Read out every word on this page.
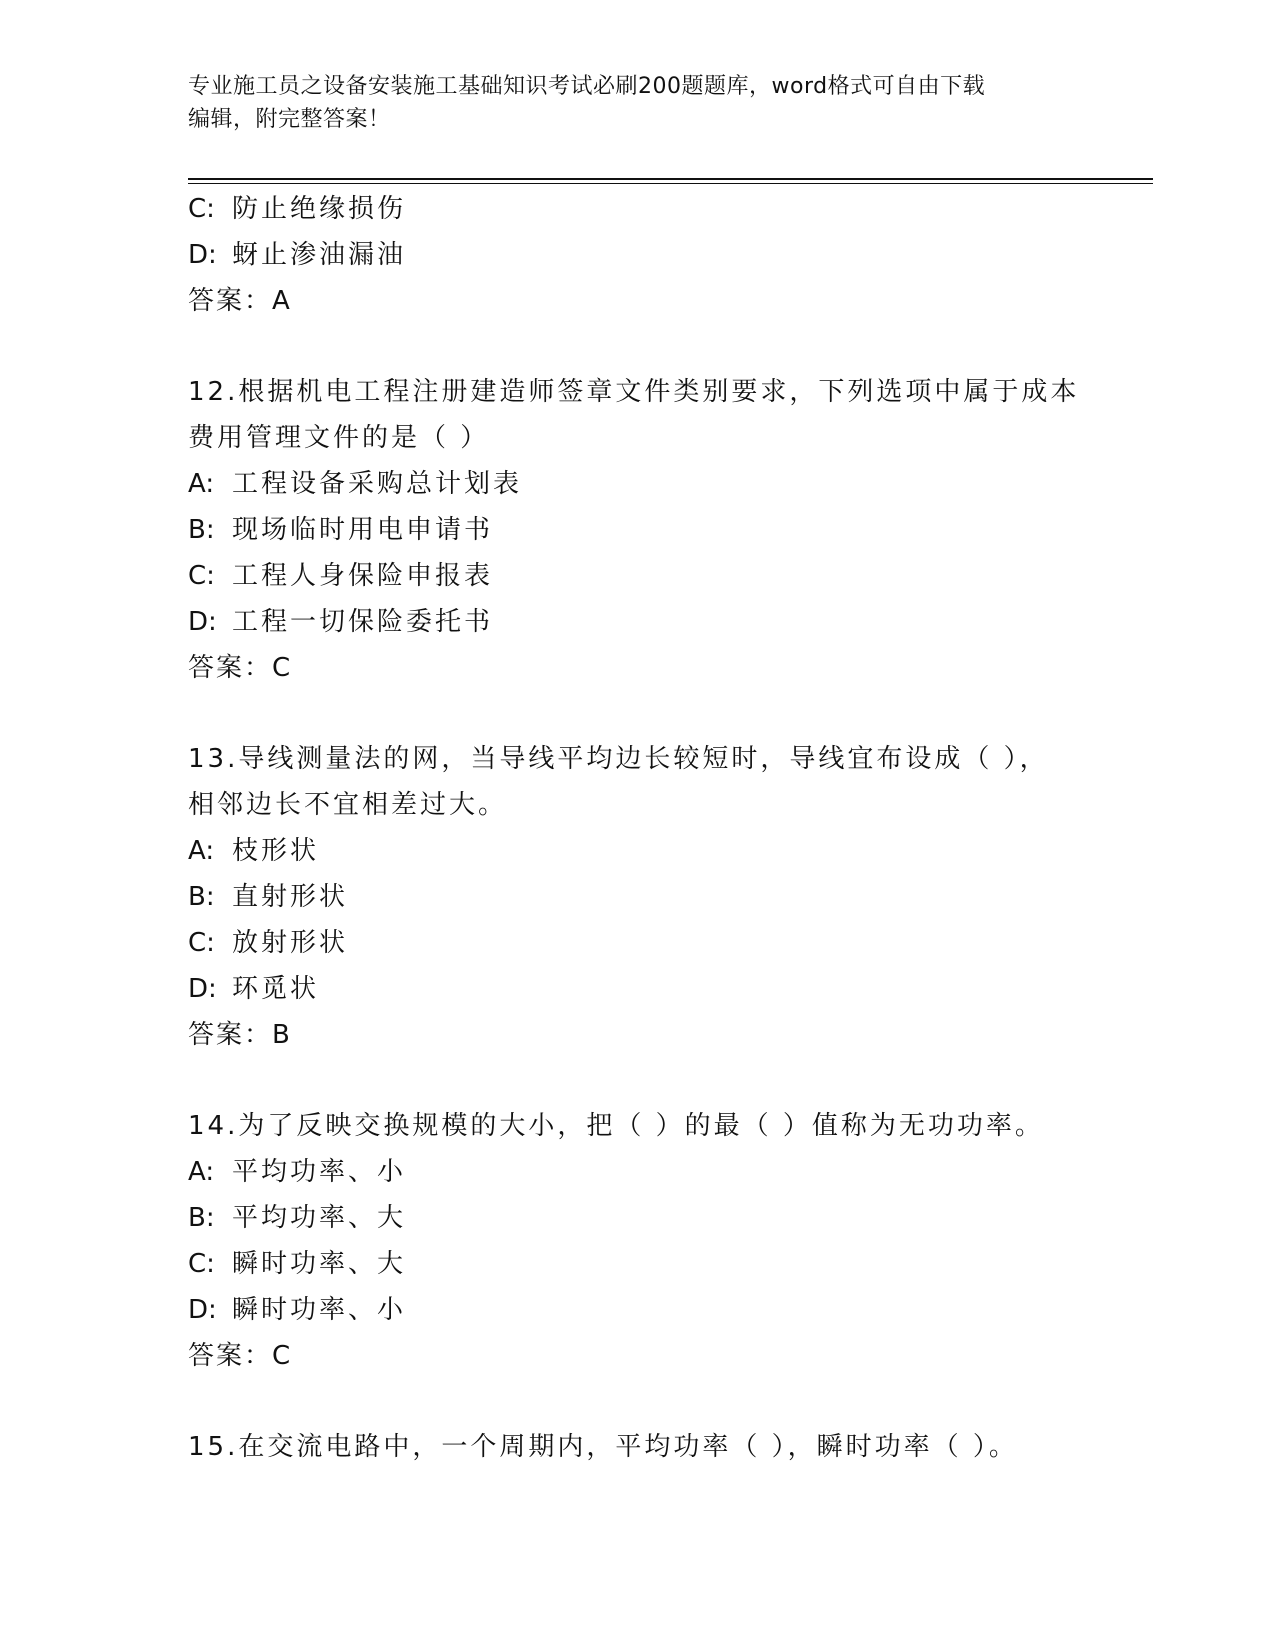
专业施工员之设备安装施工基础知识考试必刷200题题库，word格式可自由下载
编辑，附完整答案！
C: 防止绝缘损伤
D: 蚜止渗油漏油
答案：A
12.根据机电工程注册建造师签章文件类别要求，下列选项中属于成本
费用管理文件的是（ ）
A: 工程设备采购总计划表
B: 现场临时用电申请书
C: 工程人身保险申报表
D: 工程一切保险委托书
答案：C
13.导线测量法的网，当导线平均边长较短时，导线宜布设成（ ），
相邻边长不宜相差过大。
A: 枝形状
B: 直射形状
C: 放射形状
D: 环觅状
答案：B
14.为了反映交换规模的大小，把（ ）的最（ ）值称为无功功率。
A: 平均功率、小
B: 平均功率、大
C: 瞬时功率、大
D: 瞬时功率、小
答案：C
15.在交流电路中，一个周期内，平均功率（ ），瞬时功率（ ）。
